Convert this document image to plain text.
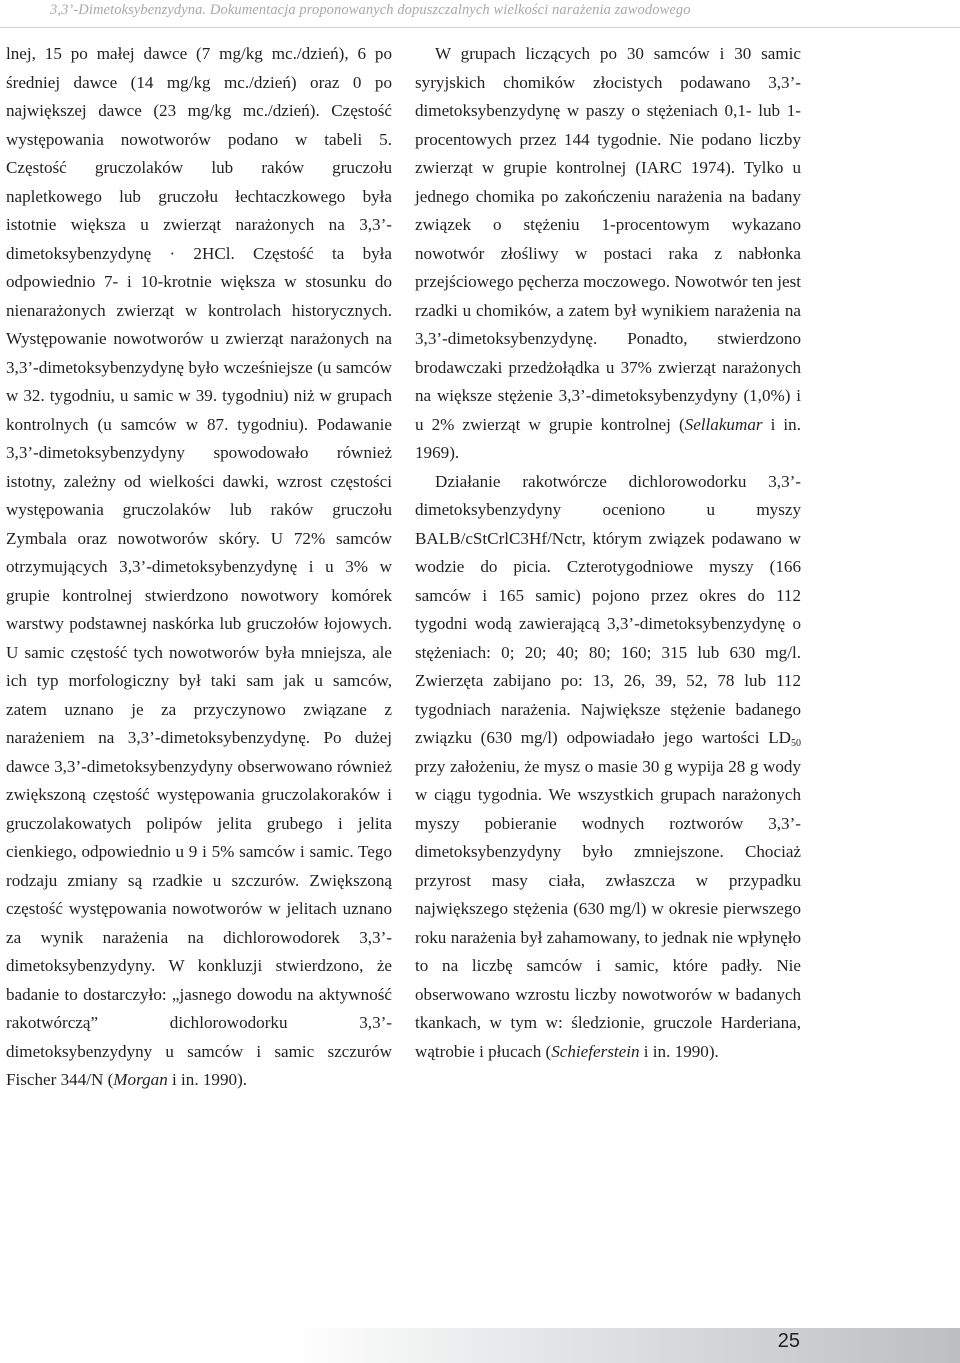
3,3’-Dimetoksybenzydyna. Dokumentacja proponowanych dopuszczalnych wielkości narażenia zawodowego

lnej, 15 po małej dawce (7 mg/kg mc./dzień), 6 po średniej dawce (14 mg/kg mc./dzień) oraz 0 po największej dawce (23 mg/kg mc./dzień). Częstość występowania nowotworów podano w tabeli 5. Częstość gruczolaków lub raków gruczołu napletkowego lub gruczołu łechtaczkowego była istotnie większa u zwierząt narażonych na 3,3’-dimetoksybenzydynę · 2HCl. Częstość ta była odpowiednio 7- i 10-krotnie większa w stosunku do nienarażonych zwierząt w kontrolach historycznych. Występowanie nowotworów u zwierząt narażonych na 3,3’-dimetoksybenzydynę było wcześniejsze (u samców w 32. tygodniu, u samic w 39. tygodniu) niż w grupach kontrolnych (u samców w 87. tygodniu). Podawanie 3,3’-dimetoksybenzydyny spowodowało również istotny, zależny od wielkości dawki, wzrost częstości występowania gruczolaków lub raków gruczołu Zymbala oraz nowotworów skóry. U 72% samców otrzymujących 3,3’-dimetoksybenzydynę i u 3% w grupie kontrolnej stwierdzono nowotwory komórek warstwy podstawnej naskórka lub gruczołów łojowych. U samic częstość tych nowotworów była mniejsza, ale ich typ morfologiczny był taki sam jak u samców, zatem uznano je za przyczynowo związane z narażeniem na 3,3’-dimetoksybenzydynę. Po dużej dawce 3,3’-dimetoksybenzydyny obserwowano również zwiększoną częstość występowania gruczolakoraków i gruczolakowatych polipów jelita grubego i jelita cienkiego, odpowiednio u 9 i 5% samców i samic. Tego rodzaju zmiany są rzadkie u szczurów. Zwiększoną częstość występowania nowotworów w jelitach uznano za wynik narażenia na dichlorowodorek 3,3’-dimetoksybenzydyny. W konkluzji stwierdzono, że badanie to dostarczyło: „jasnego dowodu na aktywność rakotwórczą” dichlorowodorku 3,3’-dimetoksybenzydyny u samców i samic szczurów Fischer 344/N (Morgan i in. 1990).

W grupach liczących po 30 samców i 30 samic syryjskich chomików złocistych podawano 3,3’-dimetoksybenzydynę w paszy o stężeniach 0,1- lub 1-procentowych przez 144 tygodnie. Nie podano liczby zwierząt w grupie kontrolnej (IARC 1974). Tylko u jednego chomika po zakończeniu narażenia na badany związek o stężeniu 1-procentowym wykazano nowotwór złośliwy w postaci raka z nabłonka przejściowego pęcherza moczowego. Nowotwór ten jest rzadki u chomików, a zatem był wynikiem narażenia na 3,3’-dimetoksybenzydynę. Ponadto, stwierdzono brodawczaki przedżołądka u 37% zwierząt narażonych na większe stężenie 3,3’-dimetoksybenzydyny (1,0%) i u 2% zwierząt w grupie kontrolnej (Sellakumar i in. 1969).

Działanie rakotwórcze dichlorowodorku 3,3’-dimetoksybenzydyny oceniono u myszy BALB/cStCrlC3Hf/Nctr, którym związek podawano w wodzie do picia. Czterotygodniowe myszy (166 samców i 165 samic) pojono przez okres do 112 tygodni wodą zawierającą 3,3’-dimetoksybenzydynę o stężeniach: 0; 20; 40; 80; 160; 315 lub 630 mg/l. Zwierzęta zabijano po: 13, 26, 39, 52, 78 lub 112 tygodniach narażenia. Największe stężenie badanego związku (630 mg/l) odpowiadało jego wartości $LD_{50}$ przy założeniu, że mysz o masie 30 g wypija 28 g wody w ciągu tygodnia. We wszystkich grupach narażonych myszy pobieranie wodnych roztworów 3,3’-dimetoksybenzydyny było zmniejszone. Chociaż przyrost masy ciała, zwłaszcza w przypadku największego stężenia (630 mg/l) w okresie pierwszego roku narażenia był zahamowany, to jednak nie wpłynęło to na liczbę samców i samic, które padły. Nie obserwowano wzrostu liczby nowotworów w badanych tkankach, w tym w: śledzionie, gruczole Harderiana, wątrobie i płucach (Schieferstein i in. 1990).

25
